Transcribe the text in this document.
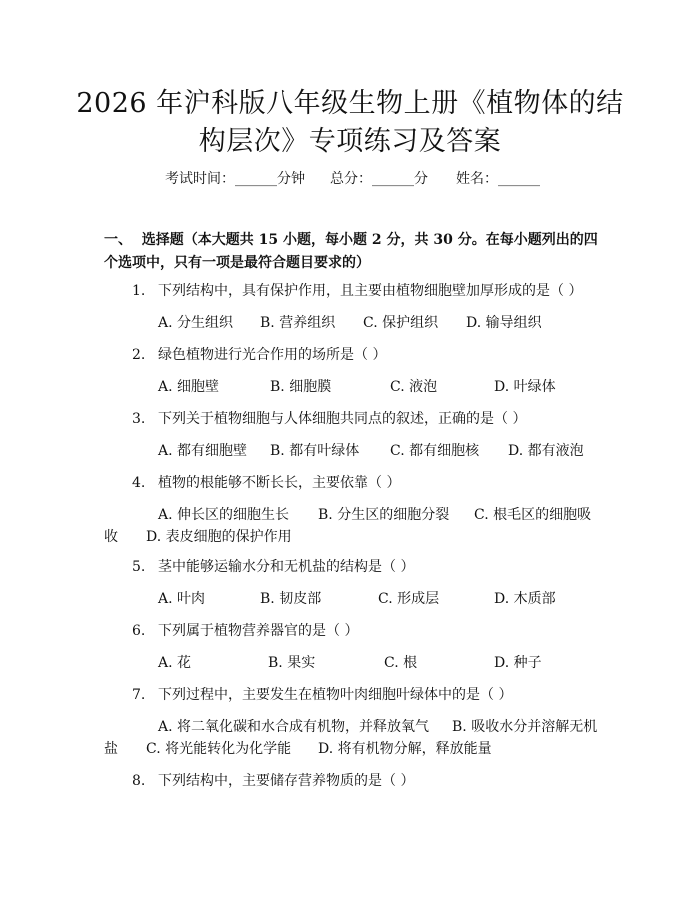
2026 年沪科版八年级生物上册《植物体的结
构层次》专项练习及答案
考试时间：______分钟 总分：______分 姓名：______
一、 选择题（本大题共 15 小题，每小题 2 分，共 30 分。在每小题列出的四个选项中，只有一项是最符合题目要求的）
1. 下列结构中，具有保护作用，且主要由植物细胞壁加厚形成的是（ ）
A. 分生组织 B. 营养组织 C. 保护组织 D. 输导组织
2. 绿色植物进行光合作用的场所是（ ）
A. 细胞壁	B. 细胞膜	C. 液泡	D. 叶绿体
3. 下列关于植物细胞与人体细胞共同点的叙述，正确的是（ ）
A. 都有细胞壁 B. 都有叶绿体 C. 都有细胞核 D. 都有液泡
4. 植物的根能够不断长长，主要依靠（ ）
A. 伸长区的细胞生长 B. 分生区的细胞分裂 C. 根毛区的细胞吸
收 D. 表皮细胞的保护作用
5. 茎中能够运输水分和无机盐的结构是（ ）
A. 叶肉	B. 韧皮部	C. 形成层	D. 木质部
6. 下列属于植物营养器官的是（ ）
A. 花	B. 果实	C. 根	D. 种子
7. 下列过程中，主要发生在植物叶肉细胞叶绿体中的是（ ）
A. 将二氧化碳和水合成有机物，并释放氧气 B. 吸收水分并溶解无机
盐 C. 将光能转化为化学能 D. 将有机物分解，释放能量
8. 下列结构中，主要储存营养物质的是（ ）
